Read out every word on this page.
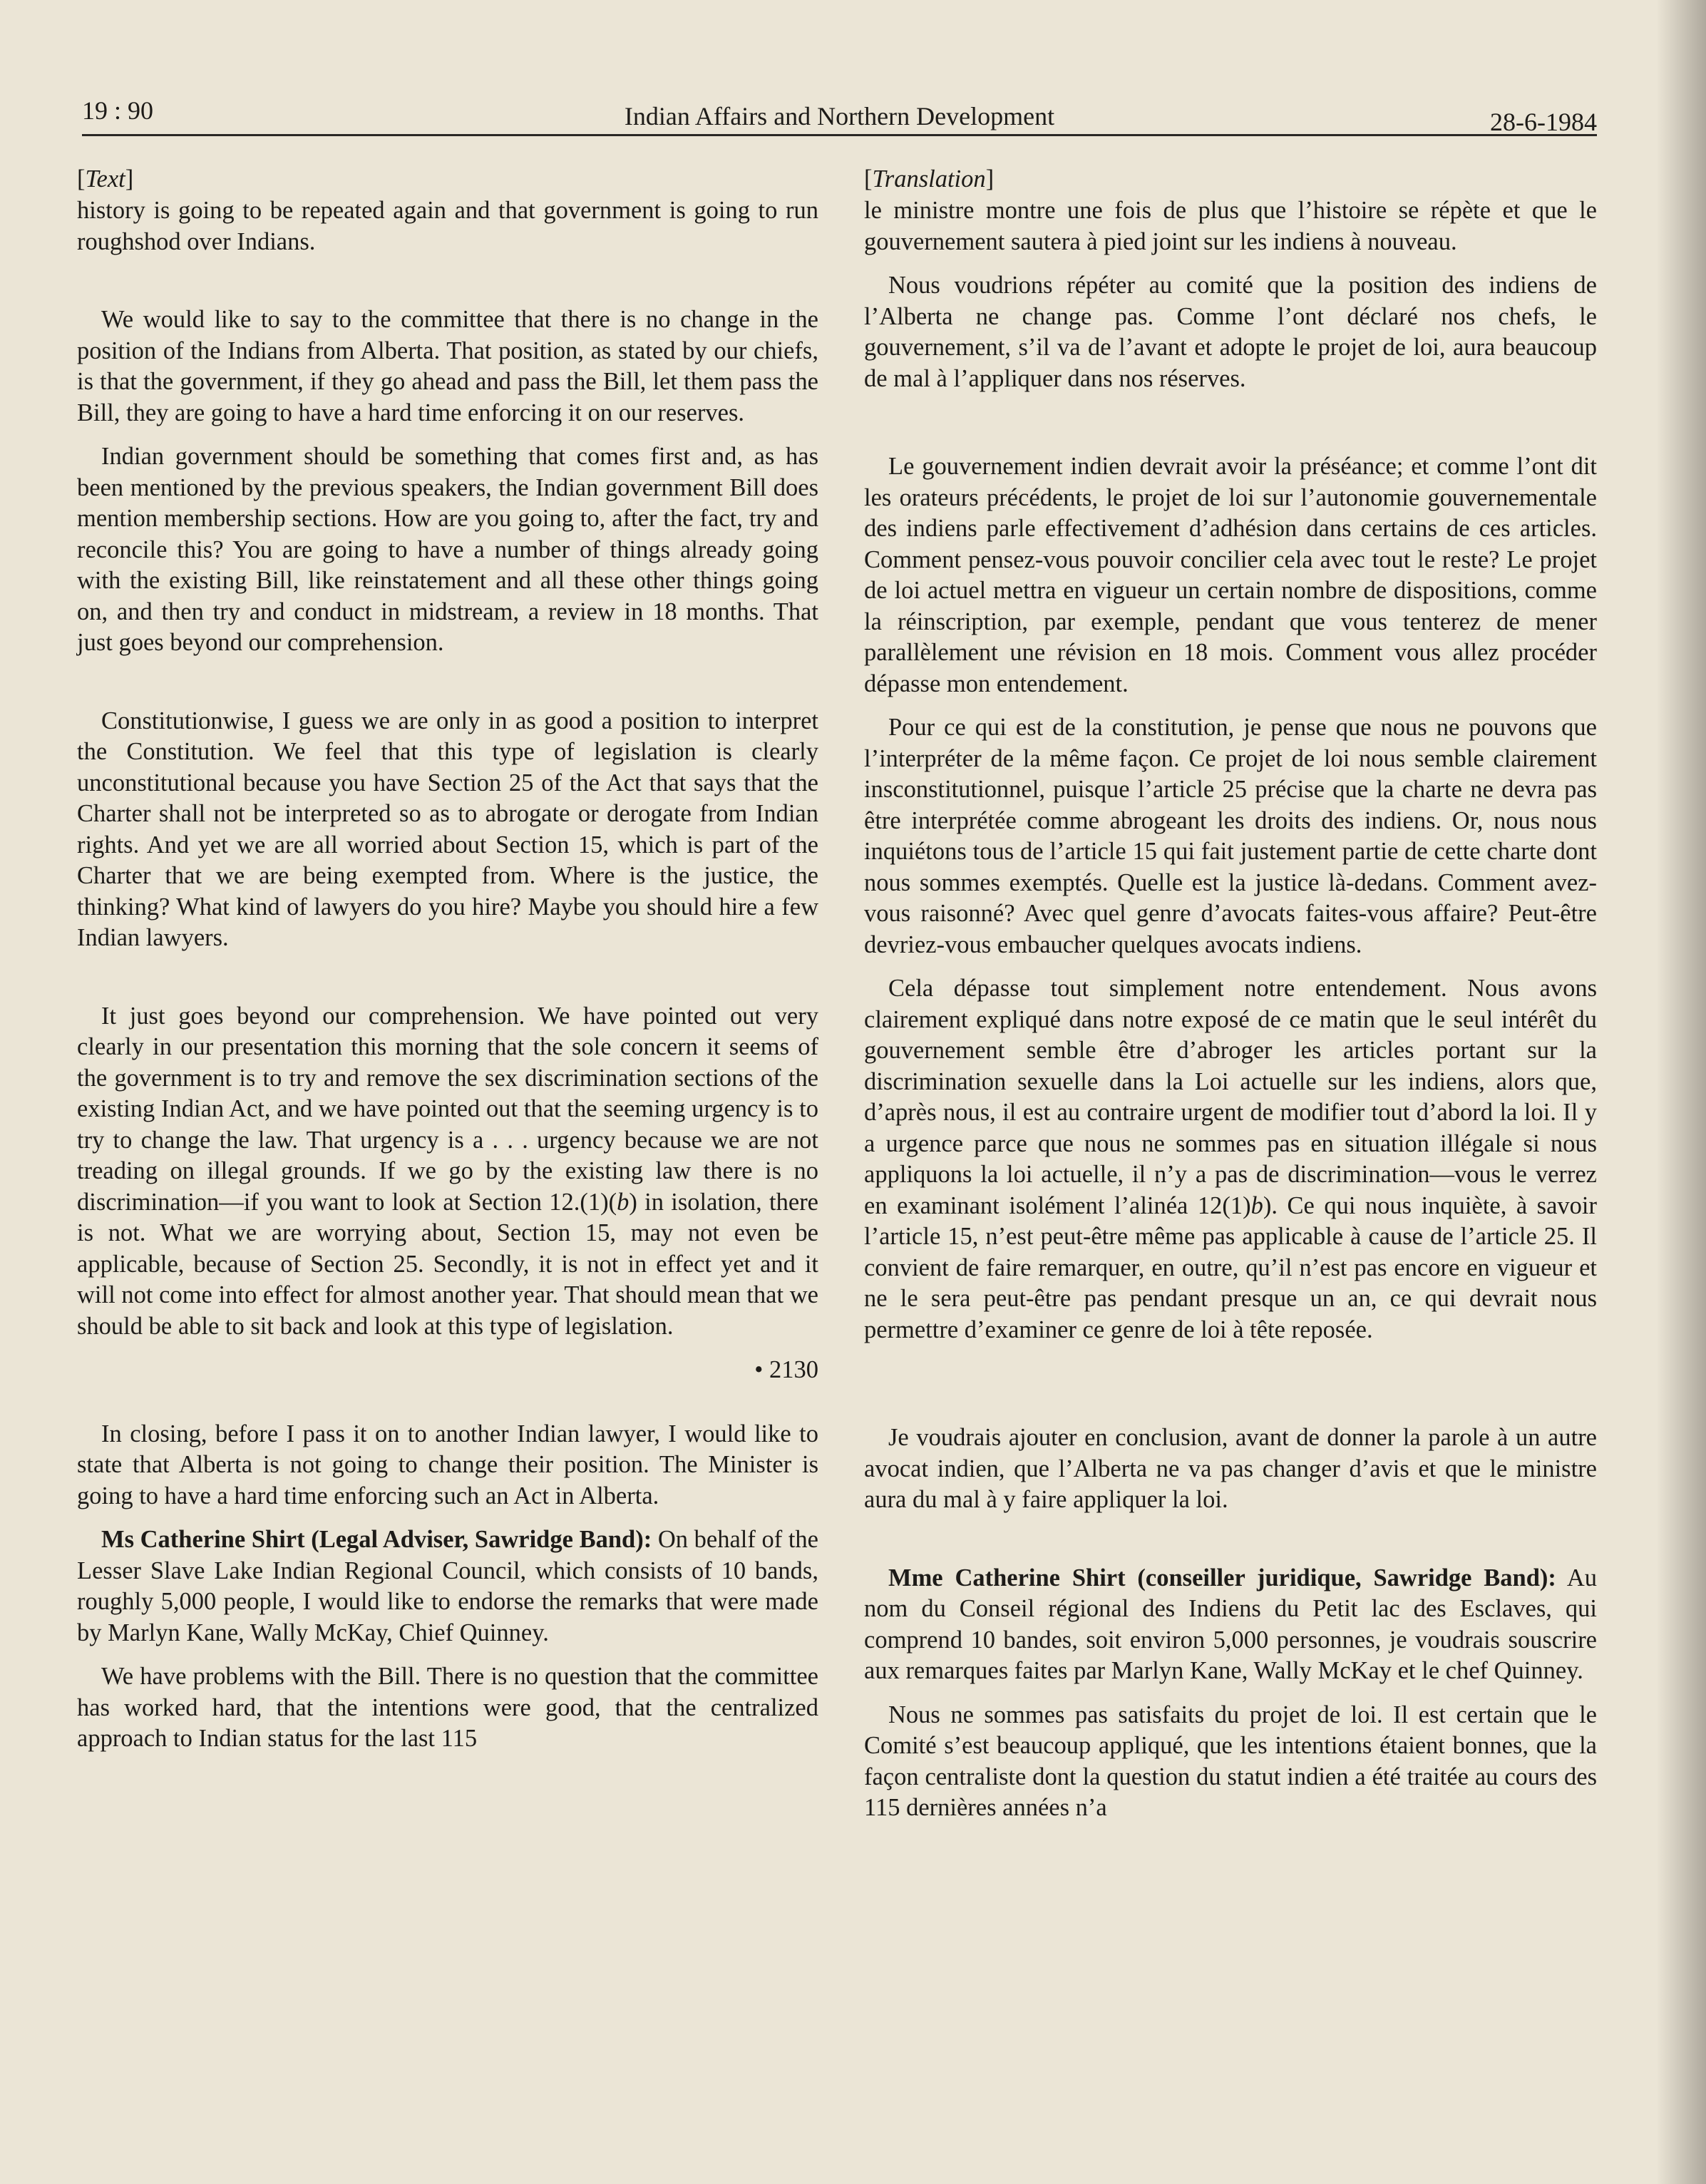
19 : 90	Indian Affairs and Northern Development	28-6-1984
[Text]

history is going to be repeated again and that government is going to run roughshod over Indians.

We would like to say to the committee that there is no change in the position of the Indians from Alberta. That position, as stated by our chiefs, is that the government, if they go ahead and pass the Bill, let them pass the Bill, they are going to have a hard time enforcing it on our reserves.

Indian government should be something that comes first and, as has been mentioned by the previous speakers, the Indian government Bill does mention membership sections. How are you going to, after the fact, try and reconcile this? You are going to have a number of things already going with the existing Bill, like reinstatement and all these other things going on, and then try and conduct in midstream, a review in 18 months. That just goes beyond our comprehension.

Constitutionwise, I guess we are only in as good a position to interpret the Constitution. We feel that this type of legislation is clearly unconstitutional because you have Section 25 of the Act that says that the Charter shall not be interpreted so as to abrogate or derogate from Indian rights. And yet we are all worried about Section 15, which is part of the Charter that we are being exempted from. Where is the justice, the thinking? What kind of lawyers do you hire? Maybe you should hire a few Indian lawyers.

It just goes beyond our comprehension. We have pointed out very clearly in our presentation this morning that the sole concern it seems of the government is to try and remove the sex discrimination sections of the existing Indian Act, and we have pointed out that the seeming urgency is to try to change the law. That urgency is a . . . urgency because we are not treading on illegal grounds. If we go by the existing law there is no discrimination—if you want to look at Section 12.(1)(b) in isolation, there is not. What we are worrying about, Section 15, may not even be applicable, because of Section 25. Secondly, it is not in effect yet and it will not come into effect for almost another year. That should mean that we should be able to sit back and look at this type of legislation.

• 2130

In closing, before I pass it on to another Indian lawyer, I would like to state that Alberta is not going to change their position. The Minister is going to have a hard time enforcing such an Act in Alberta.

Ms Catherine Shirt (Legal Adviser, Sawridge Band): On behalf of the Lesser Slave Lake Indian Regional Council, which consists of 10 bands, roughly 5,000 people, I would like to endorse the remarks that were made by Marlyn Kane, Wally McKay, Chief Quinney.

We have problems with the Bill. There is no question that the committee has worked hard, that the intentions were good, that the centralized approach to Indian status for the last 115

[Translation]

le ministre montre une fois de plus que l’histoire se répète et que le gouvernement sautera à pied joint sur les indiens à nouveau.

Nous voudrions répéter au comité que la position des indiens de l’Alberta ne change pas. Comme l’ont déclaré nos chefs, le gouvernement, s’il va de l’avant et adopte le projet de loi, aura beaucoup de mal à l’appliquer dans nos réserves.

Le gouvernement indien devrait avoir la préséance; et comme l’ont dit les orateurs précédents, le projet de loi sur l’autonomie gouvernementale des indiens parle effectivement d’adhésion dans certains de ces articles. Comment pensez-vous pouvoir concilier cela avec tout le reste? Le projet de loi actuel mettra en vigueur un certain nombre de dispositions, comme la réinscription, par exemple, pendant que vous tenterez de mener parallèlement une révision en 18 mois. Comment vous allez procéder dépasse mon entendement.

Pour ce qui est de la constitution, je pense que nous ne pouvons que l’interpréter de la même façon. Ce projet de loi nous semble clairement insconstitutionnel, puisque l’article 25 précise que la charte ne devra pas être interprétée comme abrogeant les droits des indiens. Or, nous nous inquiétons tous de l’article 15 qui fait justement partie de cette charte dont nous sommes exemptés. Quelle est la justice là-dedans. Comment avez-vous raisonné? Avec quel genre d’avocats faites-vous affaire? Peut-être devriez-vous embaucher quelques avocats indiens.

Cela dépasse tout simplement notre entendement. Nous avons clairement expliqué dans notre exposé de ce matin que le seul intérêt du gouvernement semble être d’abroger les articles portant sur la discrimination sexuelle dans la Loi actuelle sur les indiens, alors que, d’après nous, il est au contraire urgent de modifier tout d’abord la loi. Il y a urgence parce que nous ne sommes pas en situation illégale si nous appliquons la loi actuelle, il n’y a pas de discrimination—vous le verrez en examinant isolément l’alinéa 12(1)b). Ce qui nous inquiète, à savoir l’article 15, n’est peut-être même pas applicable à cause de l’article 25. Il convient de faire remarquer, en outre, qu’il n’est pas encore en vigueur et ne le sera peut-être pas pendant presque un an, ce qui devrait nous permettre d’examiner ce genre de loi à tête reposée.

Je voudrais ajouter en conclusion, avant de donner la parole à un autre avocat indien, que l’Alberta ne va pas changer d’avis et que le ministre aura du mal à y faire appliquer la loi.

Mme Catherine Shirt (conseiller juridique, Sawridge Band): Au nom du Conseil régional des Indiens du Petit lac des Esclaves, qui comprend 10 bandes, soit environ 5,000 personnes, je voudrais souscrire aux remarques faites par Marlyn Kane, Wally McKay et le chef Quinney.

Nous ne sommes pas satisfaits du projet de loi. Il est certain que le Comité s’est beaucoup appliqué, que les intentions étaient bonnes, que la façon centraliste dont la question du statut indien a été traitée au cours des 115 dernières années n’a
